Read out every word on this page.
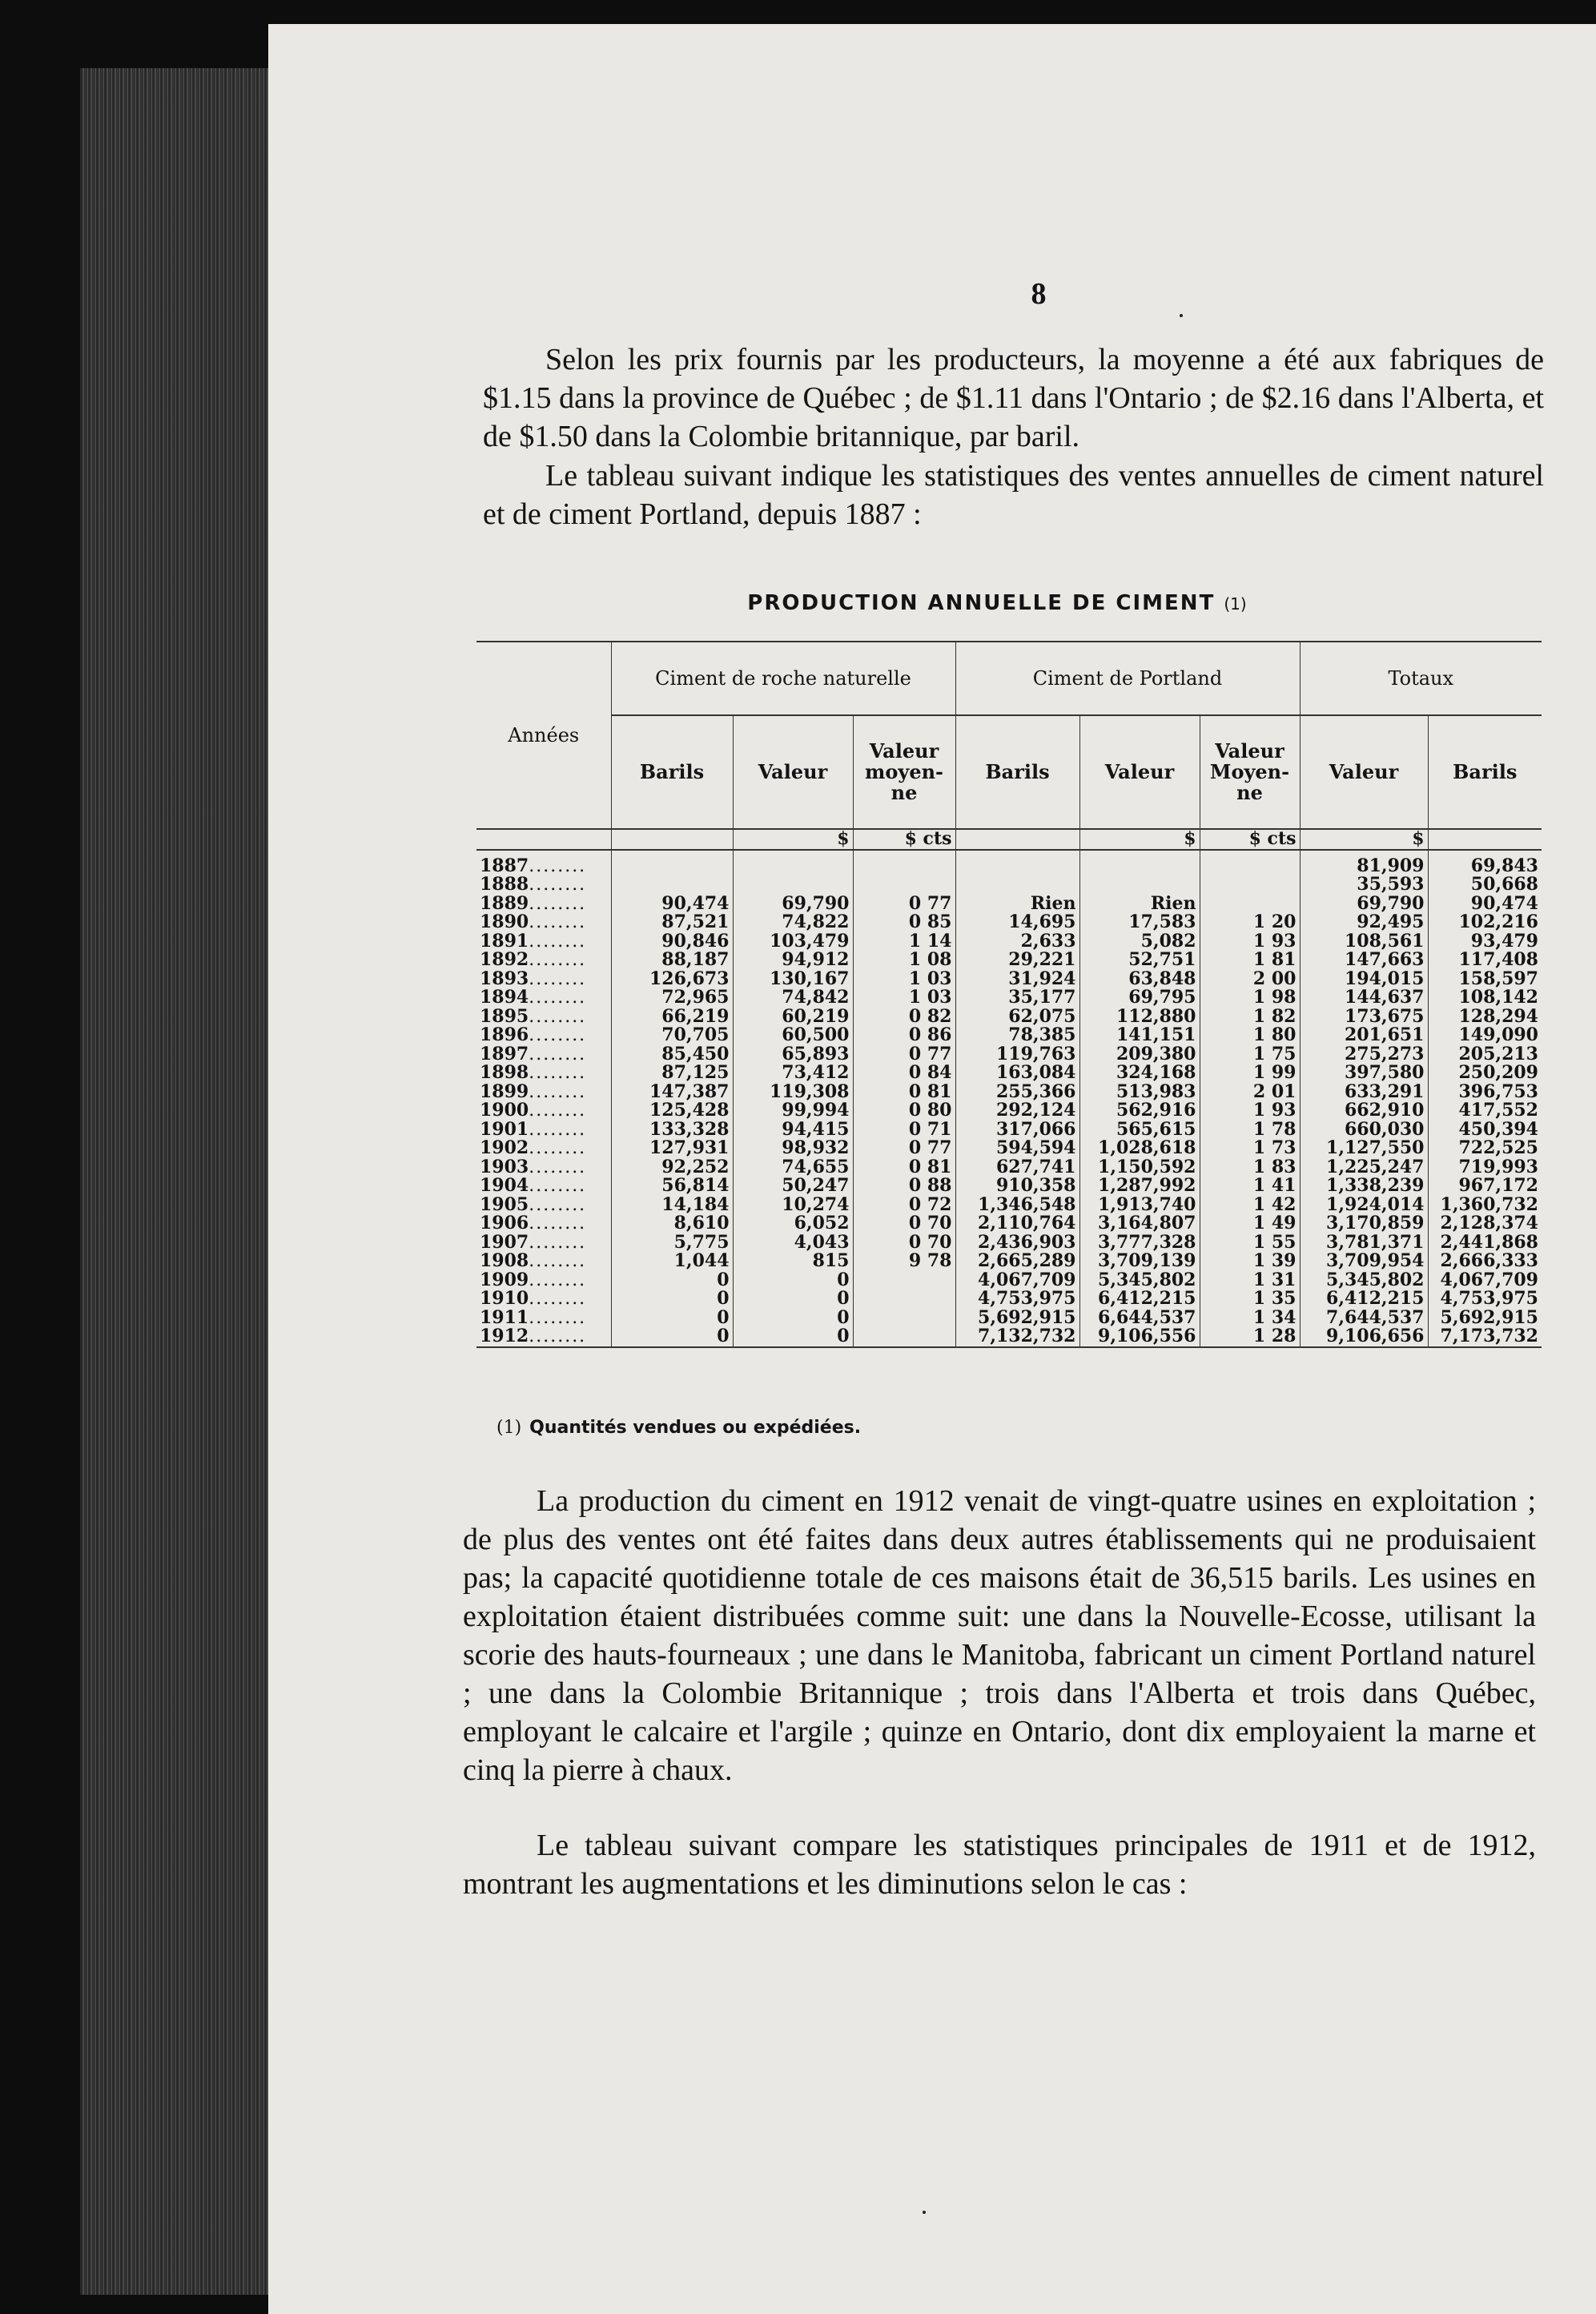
8
Selon les prix fournis par les producteurs, la moyenne a été aux fabriques de $1.15 dans la province de Québec ; de $1.11 dans l'Ontario ; de $2.16 dans l'Alberta, et de $1.50 dans la Colombie britannique, par baril.
Le tableau suivant indique les statistiques des ventes annuelles de ciment naturel et de ciment Portland, depuis 1887 :
PRODUCTION ANNUELLE DE CIMENT (1)
Années	Ciment de roche naturelle			Ciment de Portland			Totaux	
	Barils	Valeur	Valeur moyen-ne	Barils	Valeur	Valeur Moyen-ne	Valeur	Barils
		$	$ cts		$	$ cts	$	
1887........							81,909	69,843
1888........							35,593	50,668
1889........	90,474	69,790	0 77	Rien	Rien		69,790	90,474
1890........	87,521	74,822	0 85	14,695	17,583	1 20	92,495	102,216
1891........	90,846	103,479	1 14	2,633	5,082	1 93	108,561	93,479
1892........	88,187	94,912	1 08	29,221	52,751	1 81	147,663	117,408
1893........	126,673	130,167	1 03	31,924	63,848	2 00	194,015	158,597
1894........	72,965	74,842	1 03	35,177	69,795	1 98	144,637	108,142
1895........	66,219	60,219	0 82	62,075	112,880	1 82	173,675	128,294
1896........	70,705	60,500	0 86	78,385	141,151	1 80	201,651	149,090
1897........	85,450	65,893	0 77	119,763	209,380	1 75	275,273	205,213
1898........	87,125	73,412	0 84	163,084	324,168	1 99	397,580	250,209
1899........	147,387	119,308	0 81	255,366	513,983	2 01	633,291	396,753
1900........	125,428	99,994	0 80	292,124	562,916	1 93	662,910	417,552
1901........	133,328	94,415	0 71	317,066	565,615	1 78	660,030	450,394
1902........	127,931	98,932	0 77	594,594	1,028,618	1 73	1,127,550	722,525
1903........	92,252	74,655	0 81	627,741	1,150,592	1 83	1,225,247	719,993
1904........	56,814	50,247	0 88	910,358	1,287,992	1 41	1,338,239	967,172
1905........	14,184	10,274	0 72	1,346,548	1,913,740	1 42	1,924,014	1,360,732
1906........	8,610	6,052	0 70	2,110,764	3,164,807	1 49	3,170,859	2,128,374
1907........	5,775	4,043	0 70	2,436,903	3,777,328	1 55	3,781,371	2,441,868
1908........	1,044	815	9 78	2,665,289	3,709,139	1 39	3,709,954	2,666,333
1909........	0	0		4,067,709	5,345,802	1 31	5,345,802	4,067,709
1910........	0	0		4,753,975	6,412,215	1 35	6,412,215	4,753,975
1911........	0	0		5,692,915	6,644,537	1 34	7,644,537	5,692,915
1912........	0	0		7,132,732	9,106,556	1 28	9,106,656	7,173,732
(1) Quantités vendues ou expédiées.
La production du ciment en 1912 venait de vingt-quatre usines en exploitation ; de plus des ventes ont été faites dans deux autres établissements qui ne produisaient pas; la capacité quotidienne totale de ces maisons était de 36,515 barils. Les usines en exploitation étaient distribuées comme suit: une dans la Nouvelle-Ecosse, utilisant la scorie des hauts-fourneaux ; une dans le Manitoba, fabricant un ciment Portland naturel ; une dans la Colombie Britannique ; trois dans l'Alberta et trois dans Québec, employant le calcaire et l'argile ; quinze en Ontario, dont dix employaient la marne et cinq la pierre à chaux.
Le tableau suivant compare les statistiques principales de 1911 et de 1912, montrant les augmentations et les diminutions selon le cas :
